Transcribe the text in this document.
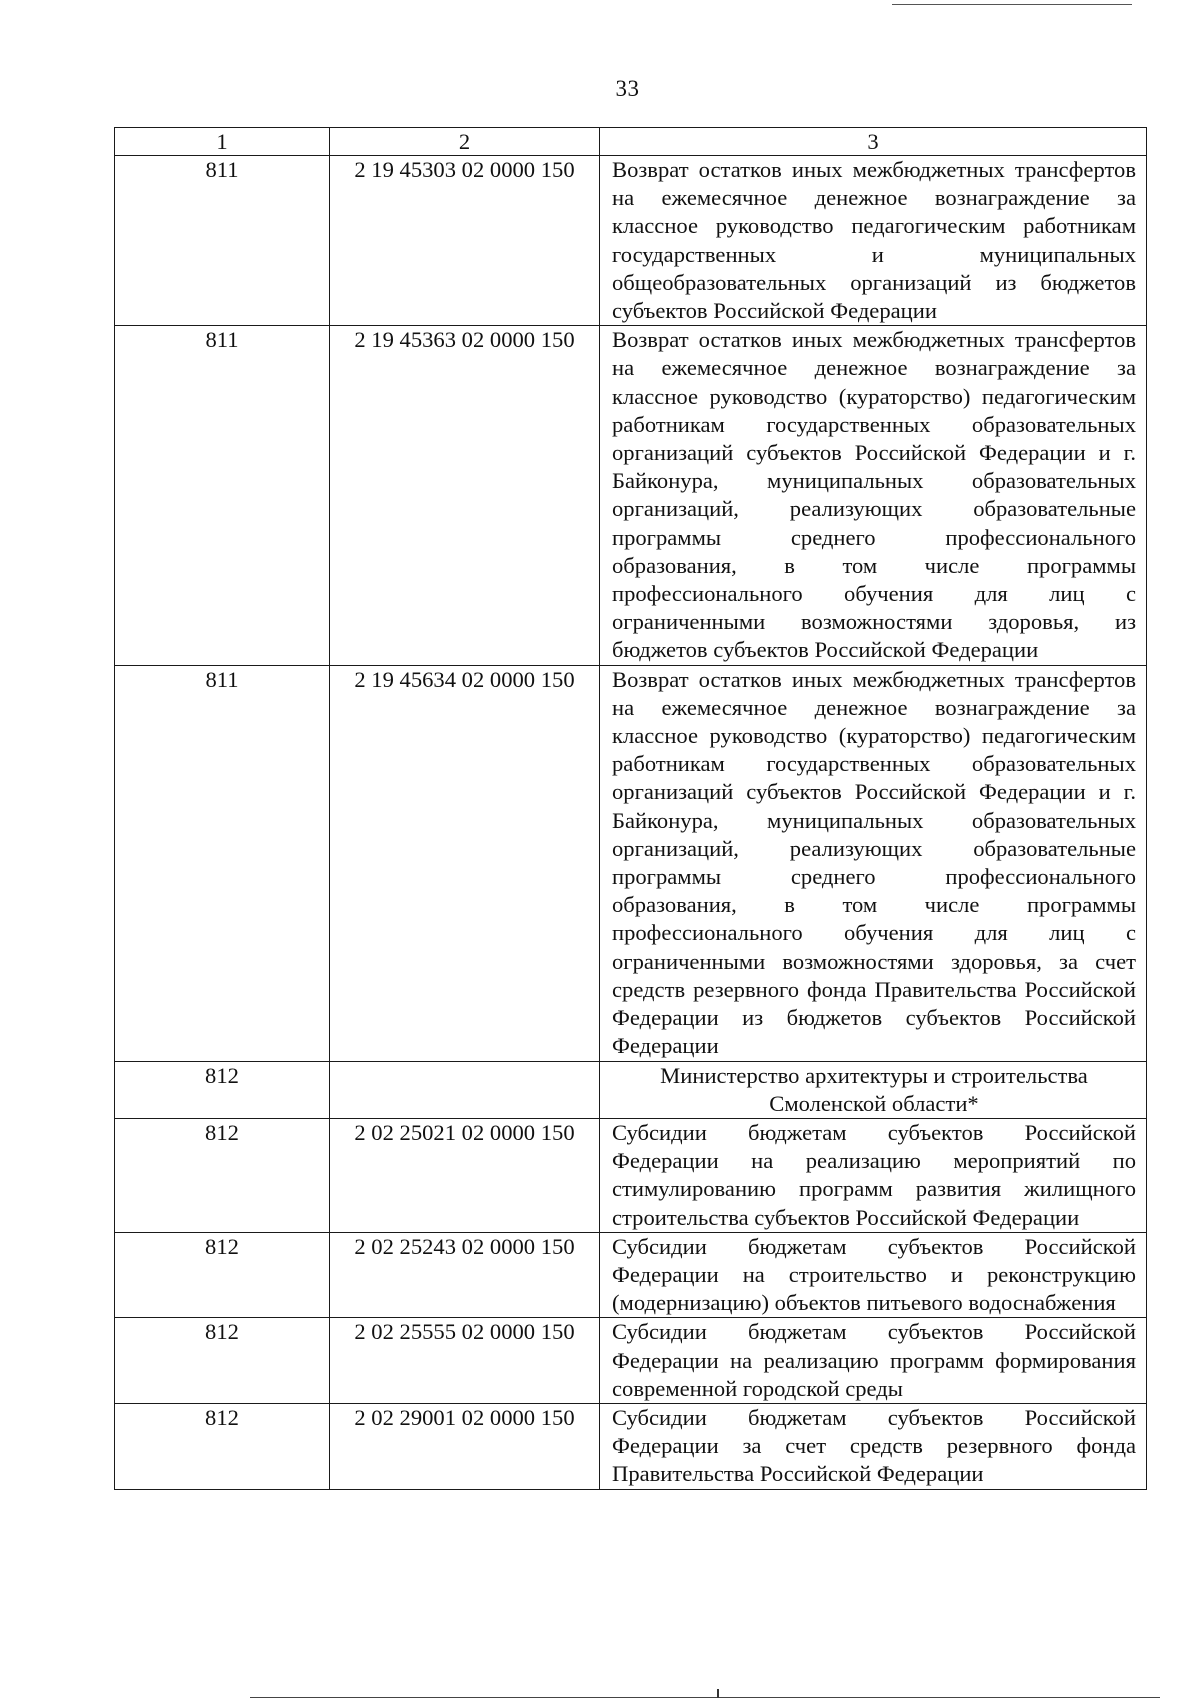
33
1	2	3
811	2 19 45303 02 0000 150	Возврат остатков иных межбюджетных трансфертов на ежемесячное денежное вознаграждение за классное руководство педагогическим работникам государственных и муниципальных общеобразовательных организаций из бюджетов субъектов Российской Федерации
811	2 19 45363 02 0000 150	Возврат остатков иных межбюджетных трансфертов на ежемесячное денежное вознаграждение за классное руководство (кураторство) педагогическим работникам государственных образовательных организаций субъектов Российской Федерации и г. Байконура, муниципальных образовательных организаций, реализующих образовательные программы среднего профессионального образования, в том числе программы профессионального обучения для лиц с ограниченными возможностями здоровья, из бюджетов субъектов Российской Федерации
811	2 19 45634 02 0000 150	Возврат остатков иных межбюджетных трансфертов на ежемесячное денежное вознаграждение за классное руководство (кураторство) педагогическим работникам государственных образовательных организаций субъектов Российской Федерации и г. Байконура, муниципальных образовательных организаций, реализующих образовательные программы среднего профессионального образования, в том числе программы профессионального обучения для лиц с ограниченными возможностями здоровья, за счет средств резервного фонда Правительства Российской Федерации из бюджетов субъектов Российской Федерации
812		Министерство архитектуры и строительства Смоленской области*
812	2 02 25021 02 0000 150	Субсидии бюджетам субъектов Российской Федерации на реализацию мероприятий по стимулированию программ развития жилищного строительства субъектов Российской Федерации
812	2 02 25243 02 0000 150	Субсидии бюджетам субъектов Российской Федерации на строительство и реконструкцию (модернизацию) объектов питьевого водоснабжения
812	2 02 25555 02 0000 150	Субсидии бюджетам субъектов Российской Федерации на реализацию программ формирования современной городской среды
812	2 02 29001 02 0000 150	Субсидии бюджетам субъектов Российской Федерации за счет средств резервного фонда Правительства Российской Федерации
